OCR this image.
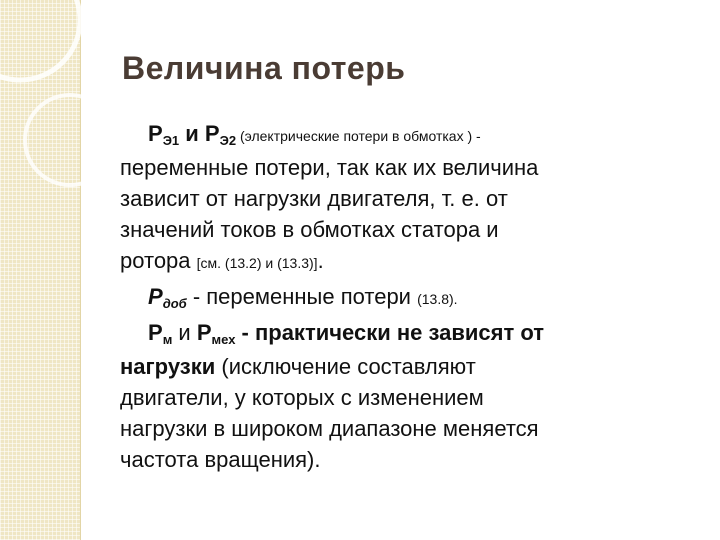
Величина потерь

PЭ1 и PЭ2 (электрические потери в обмотках ) -
переменные потери, так как их величина
зависит от нагрузки двигателя, т. е. от
значений токов в обмотках статора и
ротора [см. (13.2) и (13.3)].

Pдоб - переменные потери (13.8).

Pм и Pмех - практически не зависят от
нагрузки (исключение составляют
двигатели, у которых с изменением
нагрузки в широком диапазоне меняется
частота вращения).
